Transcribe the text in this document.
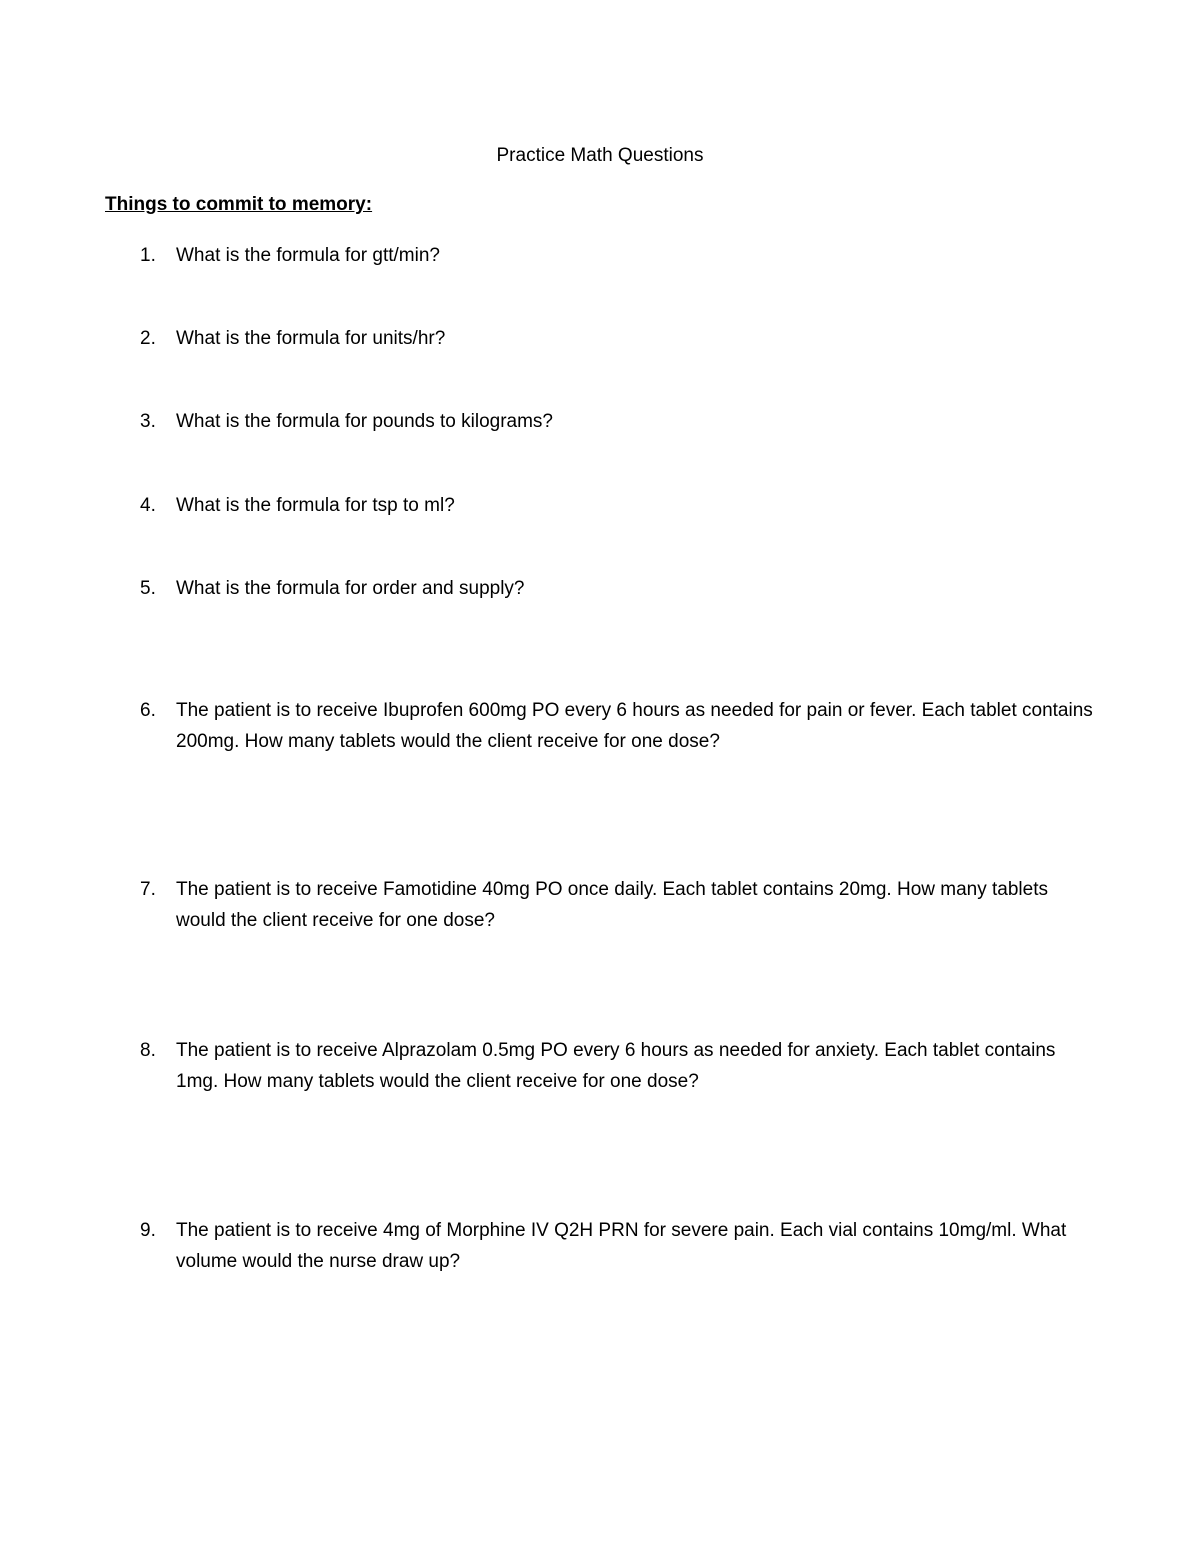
Practice Math Questions
Things to commit to memory:
1.	What is the formula for gtt/min?
2.	What is the formula for units/hr?
3.	What is the formula for pounds to kilograms?
4.	What is the formula for tsp to ml?
5.	What is the formula for order and supply?
6.	The patient is to receive Ibuprofen 600mg PO every 6 hours as needed for pain or fever. Each tablet contains 200mg. How many tablets would the client receive for one dose?
7.	The patient is to receive Famotidine 40mg PO once daily. Each tablet contains 20mg. How many tablets would the client receive for one dose?
8.	The patient is to receive Alprazolam 0.5mg PO every 6 hours as needed for anxiety. Each tablet contains 1mg. How many tablets would the client receive for one dose?
9.	The patient is to receive 4mg of Morphine IV Q2H PRN for severe pain. Each vial contains 10mg/ml. What volume would the nurse draw up?
